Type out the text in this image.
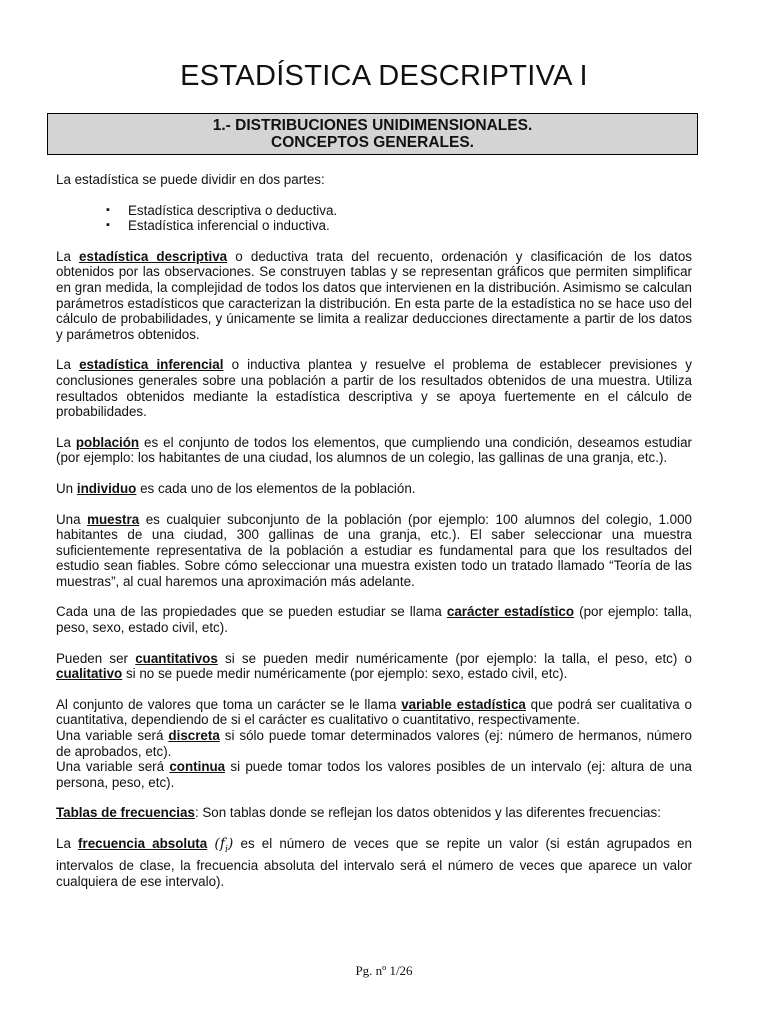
ESTADÍSTICA DESCRIPTIVA I
1.- DISTRIBUCIONES UNIDIMENSIONALES.
CONCEPTOS GENERALES.

La estadística se puede dividir en dos partes:

▪ Estadística descriptiva o deductiva.
▪ Estadística inferencial o inductiva.

La estadística descriptiva o deductiva trata del recuento, ordenación y clasificación de los datos obtenidos por las observaciones. Se construyen tablas y se representan gráficos que permiten simplificar en gran medida, la complejidad de todos los datos que intervienen en la distribución. Asimismo se calculan parámetros estadísticos que caracterizan la distribución. En esta parte de la estadística no se hace uso del cálculo de probabilidades, y únicamente se limita a realizar deducciones directamente a partir de los datos y parámetros obtenidos.

La estadística inferencial o inductiva plantea y resuelve el problema de establecer previsiones y conclusiones generales sobre una población a partir de los resultados obtenidos de una muestra. Utiliza resultados obtenidos mediante la estadística descriptiva y se apoya fuertemente en el cálculo de probabilidades.

La población es el conjunto de todos los elementos, que cumpliendo una condición, deseamos estudiar (por ejemplo: los habitantes de una ciudad, los alumnos de un colegio, las gallinas de una granja, etc.).

Un individuo es cada uno de los elementos de la población.

Una muestra es cualquier subconjunto de la población (por ejemplo: 100 alumnos del colegio, 1.000 habitantes de una ciudad, 300 gallinas de una granja, etc.). El saber seleccionar una muestra suficientemente representativa de la población a estudiar es fundamental para que los resultados del estudio sean fiables. Sobre cómo seleccionar una muestra existen todo un tratado llamado “Teoría de las muestras”, al cual haremos una aproximación más adelante.

Cada una de las propiedades que se pueden estudiar se llama carácter estadístico (por ejemplo: talla, peso, sexo, estado civil, etc).

Pueden ser cuantitativos si se pueden medir numéricamente (por ejemplo: la talla, el peso, etc) o cualitativo si no se puede medir numéricamente (por ejemplo: sexo, estado civil, etc).

Al conjunto de valores que toma un carácter se le llama variable estadística que podrá ser cualitativa o cuantitativa, dependiendo de si el carácter es cualitativo o cuantitativo, respectivamente.
Una variable será discreta si sólo puede tomar determinados valores (ej: número de hermanos, número de aprobados, etc).
Una variable será continua si puede tomar todos los valores posibles de un intervalo (ej: altura de una persona, peso, etc).

Tablas de frecuencias: Son tablas donde se reflejan los datos obtenidos y las diferentes frecuencias:

La frecuencia absoluta $(f_i)$ es el número de veces que se repite un valor (si están agrupados en intervalos de clase, la frecuencia absoluta del intervalo será el número de veces que aparece un valor cualquiera de ese intervalo).

Pg. nº 1/26
